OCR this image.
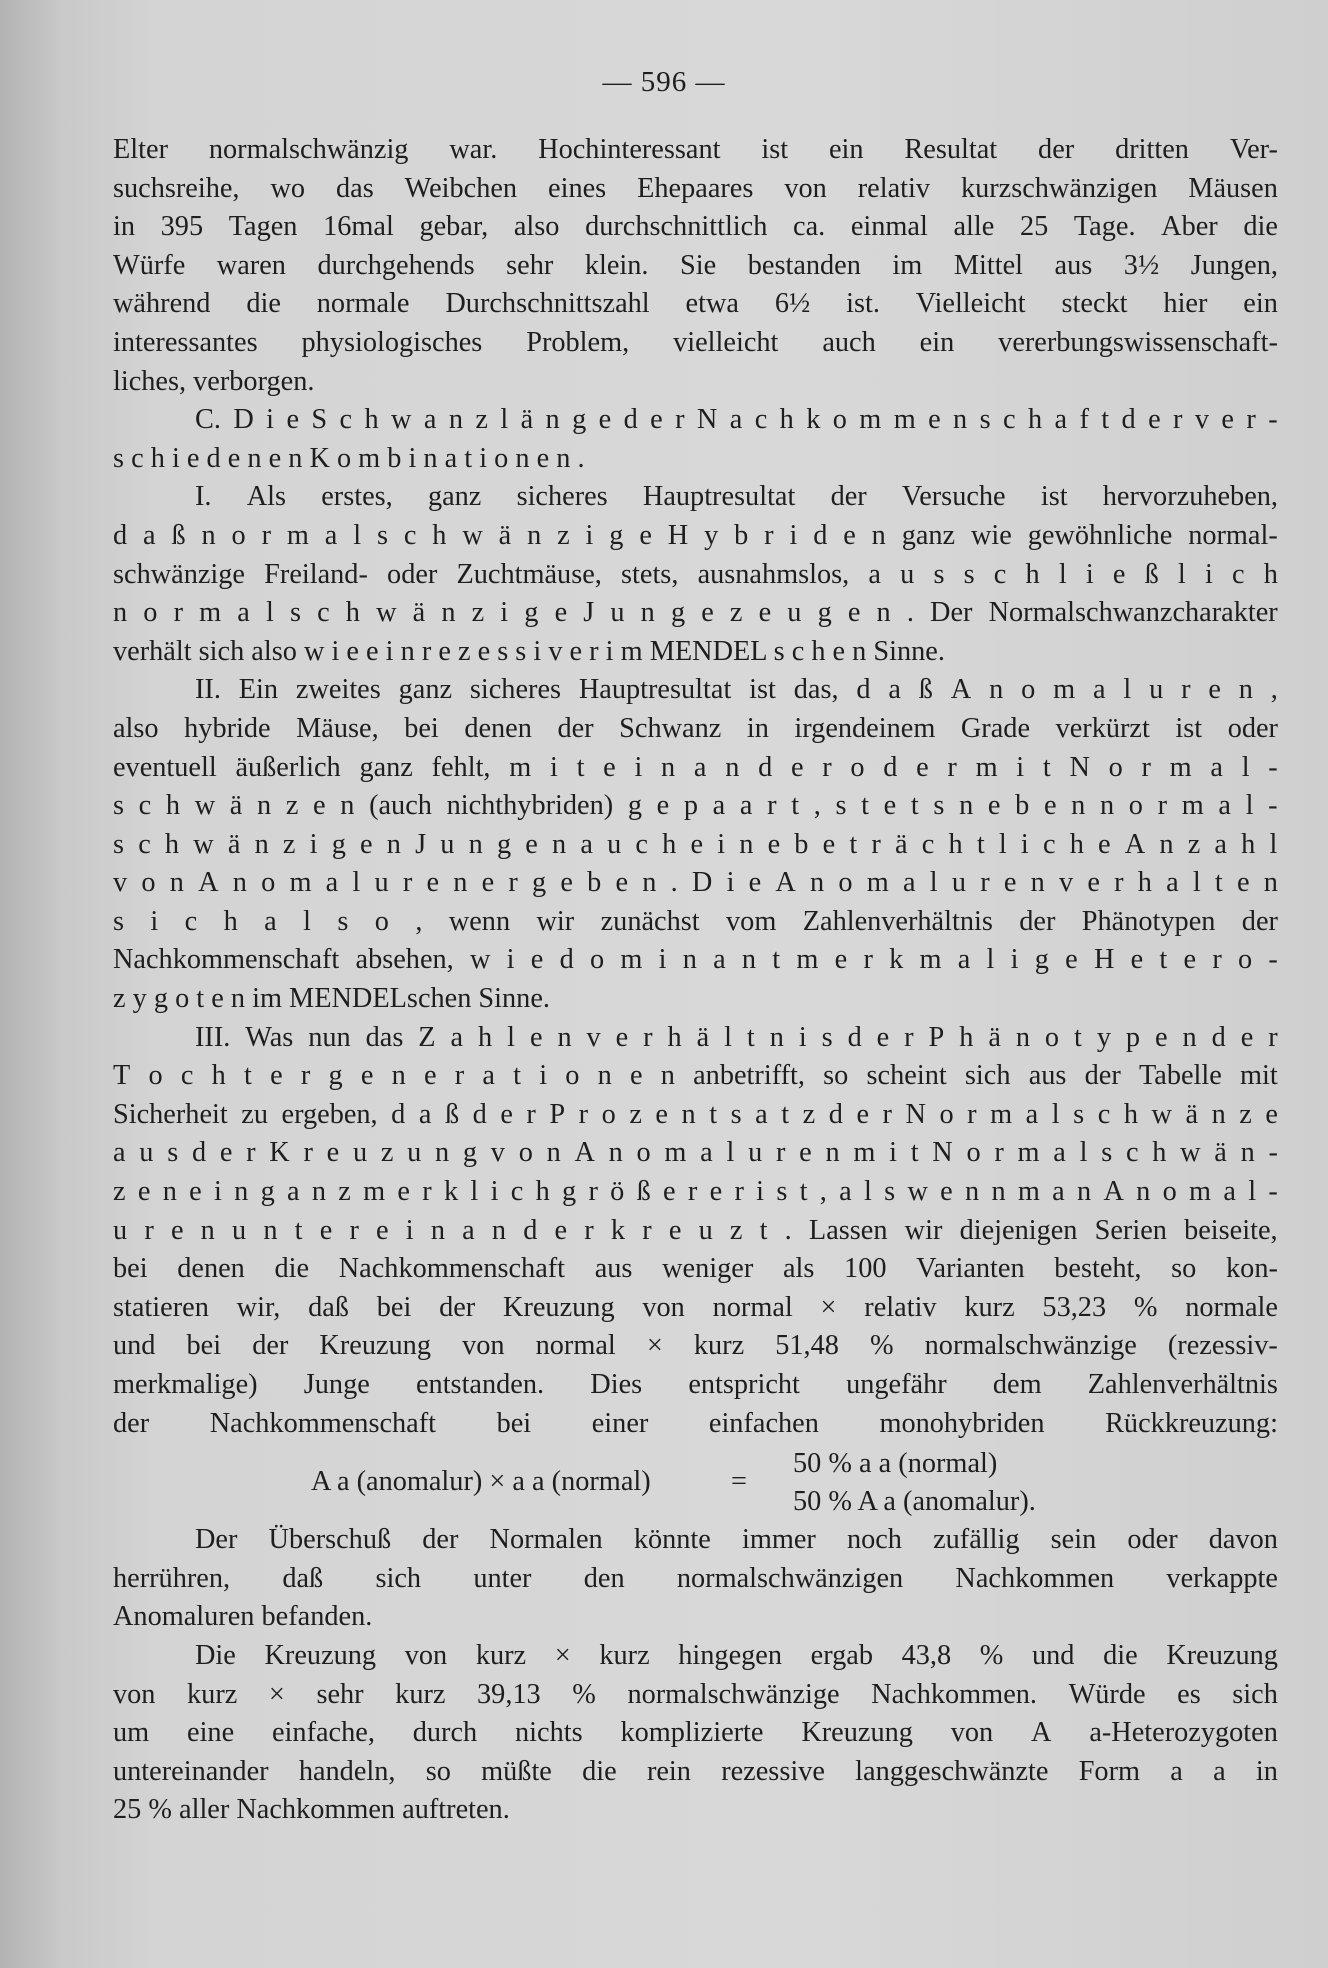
— 596 —
Elter normalschwänzig war. Hochinteressant ist ein Resultat der dritten Ver-
suchsreihe, wo das Weibchen eines Ehepaares von relativ kurzschwänzigen Mäusen
in 395 Tagen 16mal gebar, also durchschnittlich ca. einmal alle 25 Tage. Aber die
Würfe waren durchgehends sehr klein. Sie bestanden im Mittel aus 3½ Jungen,
während die normale Durchschnittszahl etwa 6½ ist. Vielleicht steckt hier ein
interessantes physiologisches Problem, vielleicht auch ein vererbungswissenschaft-
liches, verborgen.
C. D i e S c h w a n z l ä n g e d e r N a c h k o m m e n s c h a f t d e r v e r -
s c h i e d e n e n K o m b i n a t i o n e n .
I. Als erstes, ganz sicheres Hauptresultat der Versuche ist hervorzuheben,
d a ß n o r m a l s c h w ä n z i g e H y b r i d e n ganz wie gewöhnliche normal-
schwänzige Freiland- oder Zuchtmäuse, stets, ausnahmslos, a u s s c h l i e ß l i c h
n o r m a l s c h w ä n z i g e J u n g e z e u g e n . Der Normalschwanzcharakter
verhält sich also w i e e i n r e z e s s i v e r i m MENDEL s c h e n Sinne.
II. Ein zweites ganz sicheres Hauptresultat ist das, d a ß A n o m a l u r e n ,
also hybride Mäuse, bei denen der Schwanz in irgendeinem Grade verkürzt ist oder
eventuell äußerlich ganz fehlt, m i t e i n a n d e r o d e r m i t N o r m a l -
s c h w ä n z e n (auch nichthybriden) g e p a a r t , s t e t s n e b e n n o r m a l -
s c h w ä n z i g e n J u n g e n a u c h e i n e b e t r ä c h t l i c h e A n z a h l
v o n A n o m a l u r e n e r g e b e n . D i e A n o m a l u r e n v e r h a l t e n
s i c h a l s o , wenn wir zunächst vom Zahlenverhältnis der Phänotypen der
Nachkommenschaft absehen, w i e d o m i n a n t m e r k m a l i g e H e t e r o -
z y g o t e n im MENDELschen Sinne.
III. Was nun das Z a h l e n v e r h ä l t n i s d e r P h ä n o t y p e n d e r
T o c h t e r g e n e r a t i o n e n anbetrifft, so scheint sich aus der Tabelle mit
Sicherheit zu ergeben, d a ß d e r P r o z e n t s a t z d e r N o r m a l s c h w ä n z e
a u s d e r K r e u z u n g v o n A n o m a l u r e n m i t N o r m a l s c h w ä n -
z e n e i n g a n z m e r k l i c h g r ö ß e r e r i s t , a l s w e n n m a n A n o m a l -
u r e n u n t e r e i n a n d e r k r e u z t . Lassen wir diejenigen Serien beiseite,
bei denen die Nachkommenschaft aus weniger als 100 Varianten besteht, so kon-
statieren wir, daß bei der Kreuzung von normal × relativ kurz 53,23 % normale
und bei der Kreuzung von normal × kurz 51,48 % normalschwänzige (rezessiv-
merkmalige) Junge entstanden. Dies entspricht ungefähr dem Zahlenverhältnis
der Nachkommenschaft bei einer einfachen monohybriden Rückkreuzung:
A a (anomalur) × a a (normal)	=
50 % a a (normal)
50 % A a (anomalur).
Der Überschuß der Normalen könnte immer noch zufällig sein oder davon
herrühren, daß sich unter den normalschwänzigen Nachkommen verkappte
Anomaluren befanden.
Die Kreuzung von kurz × kurz hingegen ergab 43,8 % und die Kreuzung
von kurz × sehr kurz 39,13 % normalschwänzige Nachkommen. Würde es sich
um eine einfache, durch nichts komplizierte Kreuzung von A a-Heterozygoten
untereinander handeln, so müßte die rein rezessive langgeschwänzte Form a a in
25 % aller Nachkommen auftreten.
